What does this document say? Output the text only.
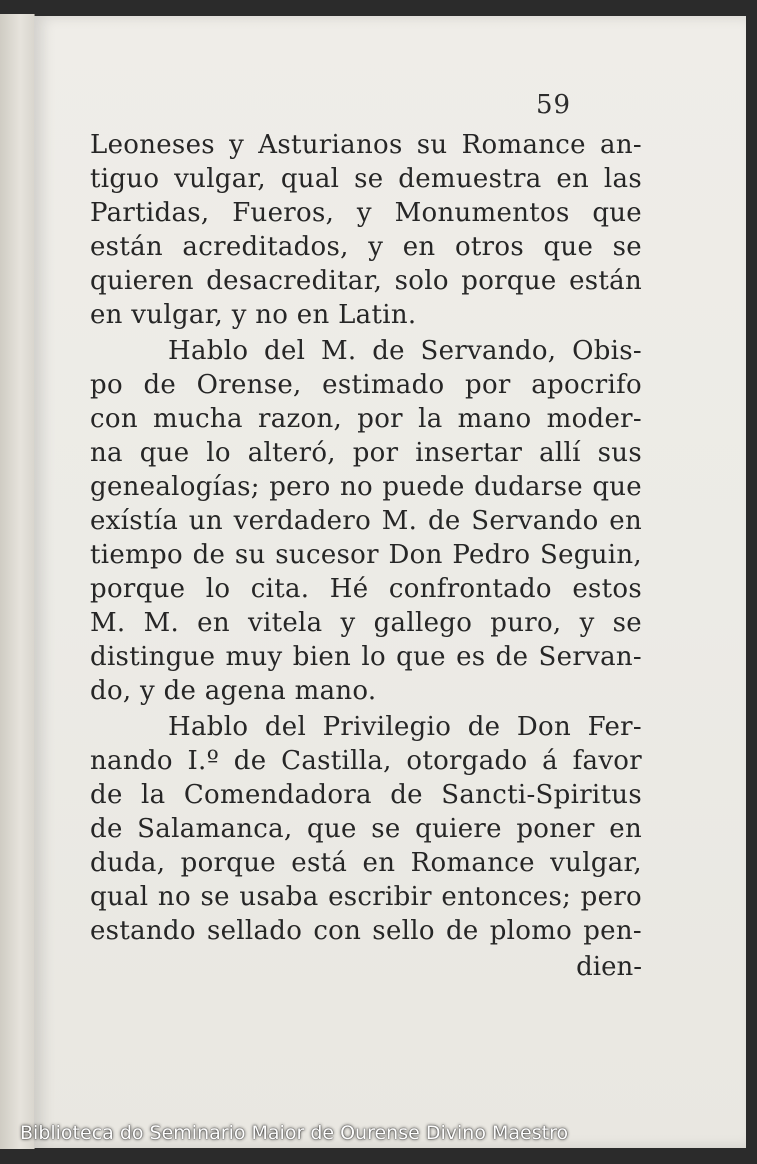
59
Leoneses y Asturianos su Romance an-
tiguo vulgar, qual se demuestra en las
Partidas, Fueros, y Monumentos que
están acreditados, y en otros que se
quieren desacreditar, solo porque están
en vulgar, y no en Latin.
Hablo del M. de Servando, Obis-
po de Orense, estimado por apocrifo
con mucha razon, por la mano moder-
na que lo alteró, por insertar allí sus
genealogías; pero no puede dudarse que
exístía un verdadero M. de Servando en
tiempo de su sucesor Don Pedro Seguin,
porque lo cita. Hé confrontado estos
M. M. en vitela y gallego puro, y se
distingue muy bien lo que es de Servan-
do, y de agena mano.
Hablo del Privilegio de Don Fer-
nando I.º de Castilla, otorgado á favor
de la Comendadora de Sancti-Spiritus
de Salamanca, que se quiere poner en
duda, porque está en Romance vulgar,
qual no se usaba escribir entonces; pero
estando sellado con sello de plomo pen-
dien-
Biblioteca do Seminario Maior de Ourense Divino Maestro
